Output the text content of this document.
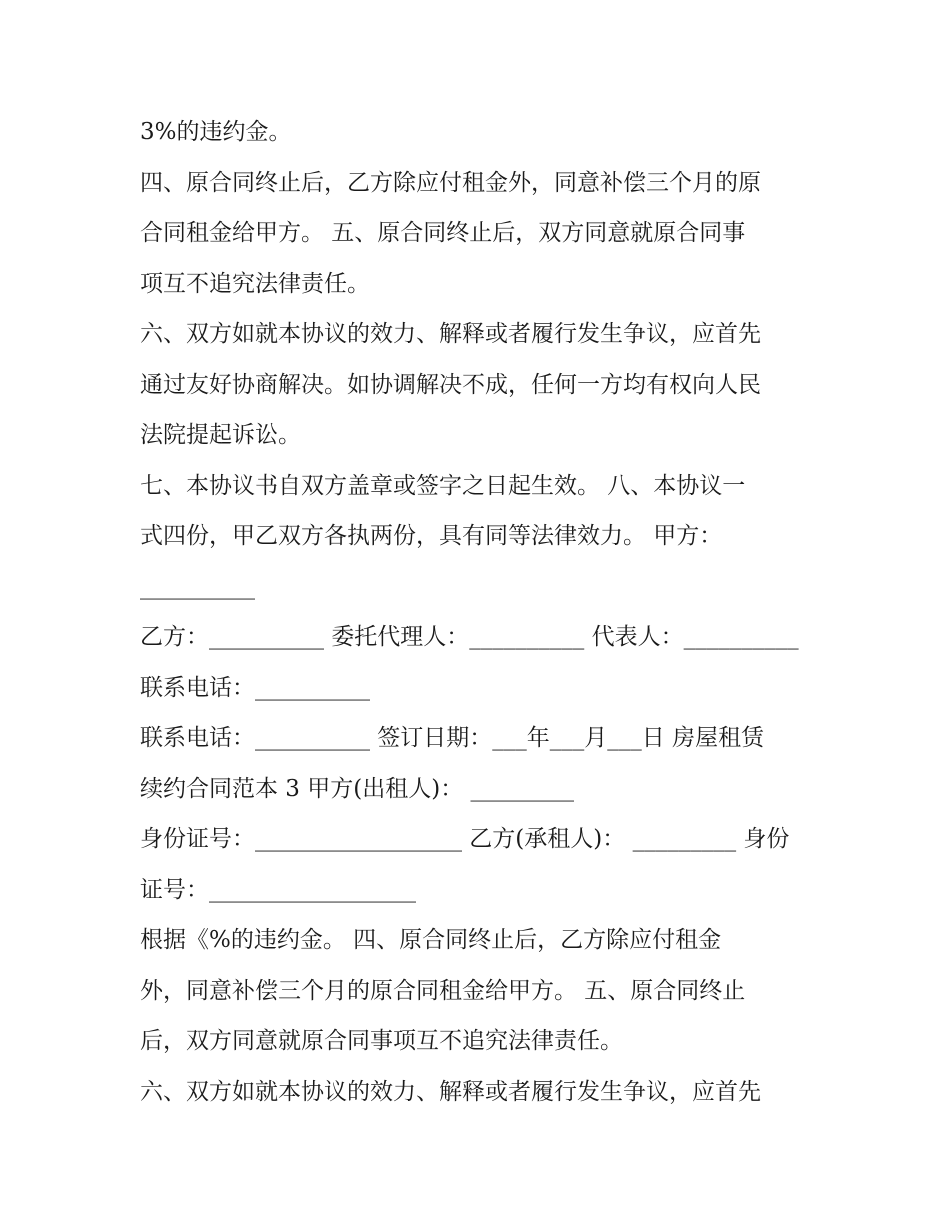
3%的违约金。
四、原合同终止后，乙方除应付租金外，同意补偿三个月的原
合同租金给甲方。 五、原合同终止后，双方同意就原合同事
项互不追究法律责任。
六、双方如就本协议的效力、解释或者履行发生争议，应首先
通过友好协商解决。如协调解决不成，任何一方均有权向人民
法院提起诉讼。
七、本协议书自双方盖章或签字之日起生效。 八、本协议一
式四份，甲乙双方各执两份，具有同等法律效力。 甲方：
__________
乙方：__________ 委托代理人：__________ 代表人：__________
联系电话：__________
联系电话：__________ 签订日期：___年___月___日 房屋租赁
续约合同范本 3 甲方(出租人)： _________
身份证号：__________________ 乙方(承租人)： _________ 身份
证号：__________________
根据《%的违约金。 四、原合同终止后，乙方除应付租金
外，同意补偿三个月的原合同租金给甲方。 五、原合同终止
后，双方同意就原合同事项互不追究法律责任。
六、双方如就本协议的效力、解释或者履行发生争议，应首先
